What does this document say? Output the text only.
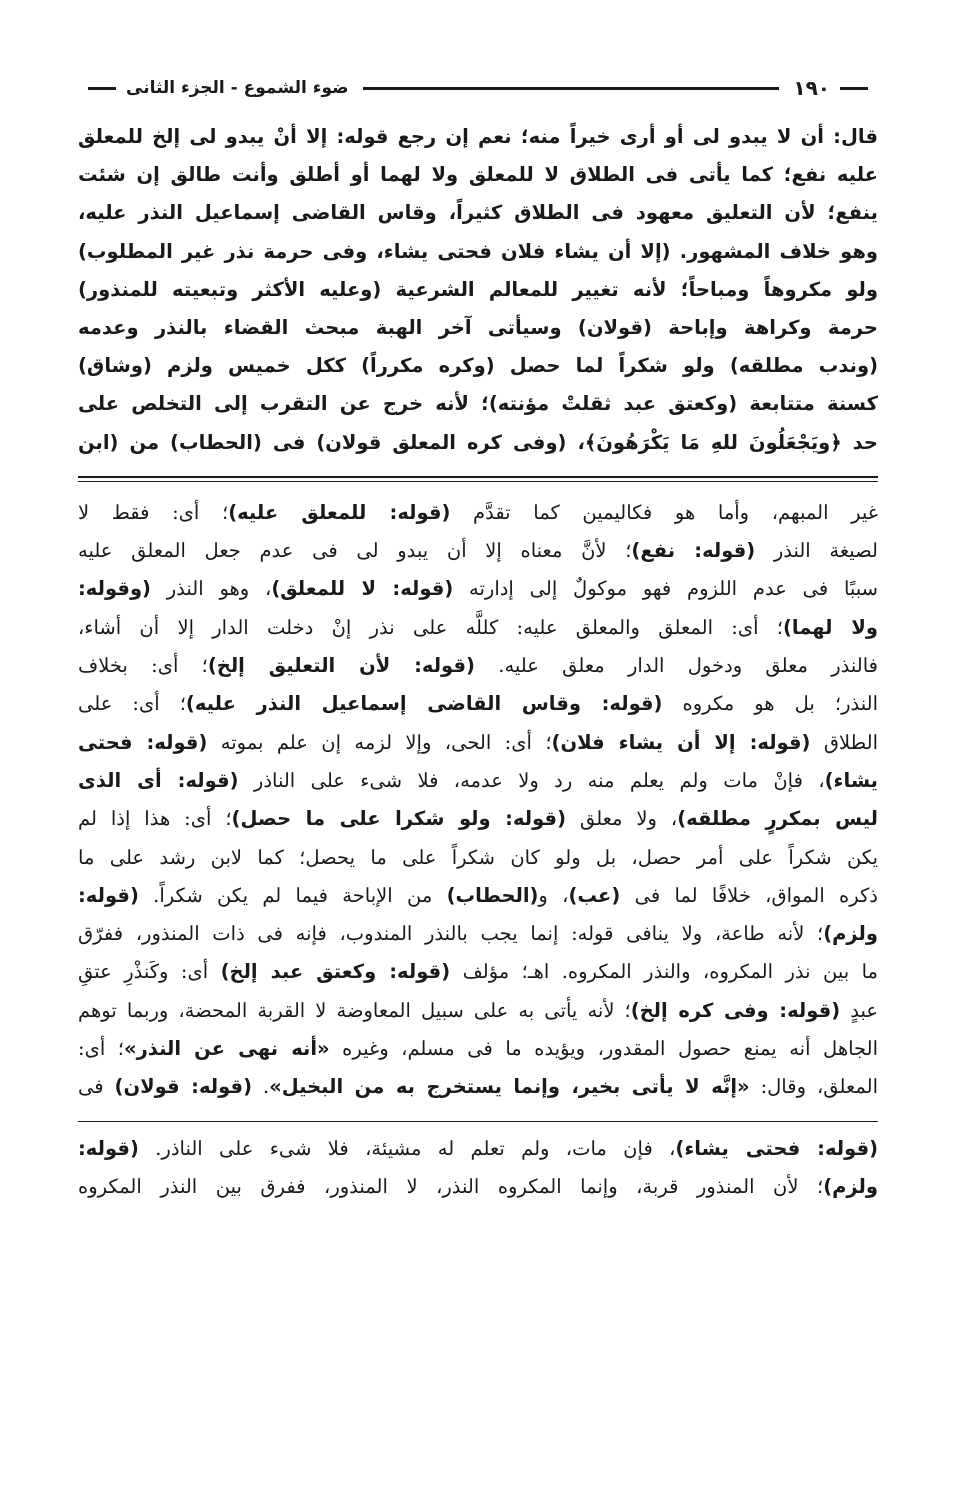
١٩٠
ضوء الشموع - الجزء الثانى
قال: أن لا يبدو لى أو أرى خيراً منه؛ نعم إن رجع قوله: إلا أنْ يبدو لى إلخ للمعلق
عليه نفع؛ كما يأتى فى الطلاق لا للمعلق ولا لهما أو أطلق وأنت طالق إن شئت
ينفع؛ لأن التعليق معهود فى الطلاق كثيراً، وقاس القاضى إسماعيل النذر عليه،
وهو خلاف المشهور. (إلا أن يشاء فلان فحتى يشاء، وفى حرمة نذر غير المطلوب)
ولو مكروهاً ومباحاً؛ لأنه تغيير للمعالم الشرعية (وعليه الأكثر وتبعيته للمنذور)
حرمة وكراهة وإباحة (قولان) وسيأتى آخر الهبة مبحث القضاء بالنذر وعدمه
(وندب مطلقه) ولو شكراً لما حصل (وكره مكرراً) ككل خميس ولزم (وشاق)
كسنة متتابعة (وكعتق عبد ثقلتْ مؤنته)؛ لأنه خرج عن التقرب إلى التخلص على
حد ﴿ويَجْعَلُونَ للهِ مَا يَكْرَهُونَ﴾، (وفى كره المعلق قولان) فى (الحطاب) من (ابن
غير المبهم، وأما هو فكاليمين كما تقدَّم (قوله: للمعلق عليه)؛ أى: فقط لا
لصيغة النذر (قوله: نفع)؛ لأنَّ معناه إلا أن يبدو لى فى عدم جعل المعلق عليه
سببًا فى عدم اللزوم فهو موكولٌ إلى إدارته (قوله: لا للمعلق)، وهو النذر (وقوله:
ولا لهما)؛ أى: المعلق والمعلق عليه: كللَّه على نذر إنْ دخلت الدار إلا أن أشاء،
فالنذر معلق ودخول الدار معلق عليه. (قوله: لأن التعليق إلخ)؛ أى: بخلاف
النذر؛ بل هو مكروه (قوله: وقاس القاضى إسماعيل النذر عليه)؛ أى: على
الطلاق (قوله: إلا أن يشاء فلان)؛ أى: الحى، وإلا لزمه إن علم بموته (قوله: فحتى
يشاء)، فإنْ مات ولم يعلم منه رد ولا عدمه، فلا شىء على الناذر (قوله: أى الذى
ليس بمكررٍ مطلقه)، ولا معلق (قوله: ولو شكرا على ما حصل)؛ أى: هذا إذا لم
يكن شكراً على أمر حصل، بل ولو كان شكراً على ما يحصل؛ كما لابن رشد على ما
ذكره المواق، خلافًا لما فى (عب)، و(الحطاب) من الإباحة فيما لم يكن شكراً. (قوله:
ولزم)؛ لأنه طاعة، ولا ينافى قوله: إنما يجب بالنذر المندوب، فإنه فى ذات المنذور، ففرّق
ما بين نذر المكروه، والنذر المكروه. اهـ؛ مؤلف (قوله: وكعتق عبد إلخ) أى: وكَنذْرِ عتقِ
عبدٍ (قوله: وفى كره إلخ)؛ لأنه يأتى به على سبيل المعاوضة لا القربة المحضة، وربما توهم
الجاهل أنه يمنع حصول المقدور، ويؤيده ما فى مسلم، وغيره «أنه نهى عن النذر»؛ أى:
المعلق، وقال: «إنَّه لا يأتى بخير، وإنما يستخرج به من البخيل». (قوله: قولان) فى
(قوله: فحتى يشاء)، فإن مات، ولم تعلم له مشيئة، فلا شىء على الناذر. (قوله:
ولزم)؛ لأن المنذور قربة، وإنما المكروه النذر، لا المنذور، ففرق بين النذر المكروه
